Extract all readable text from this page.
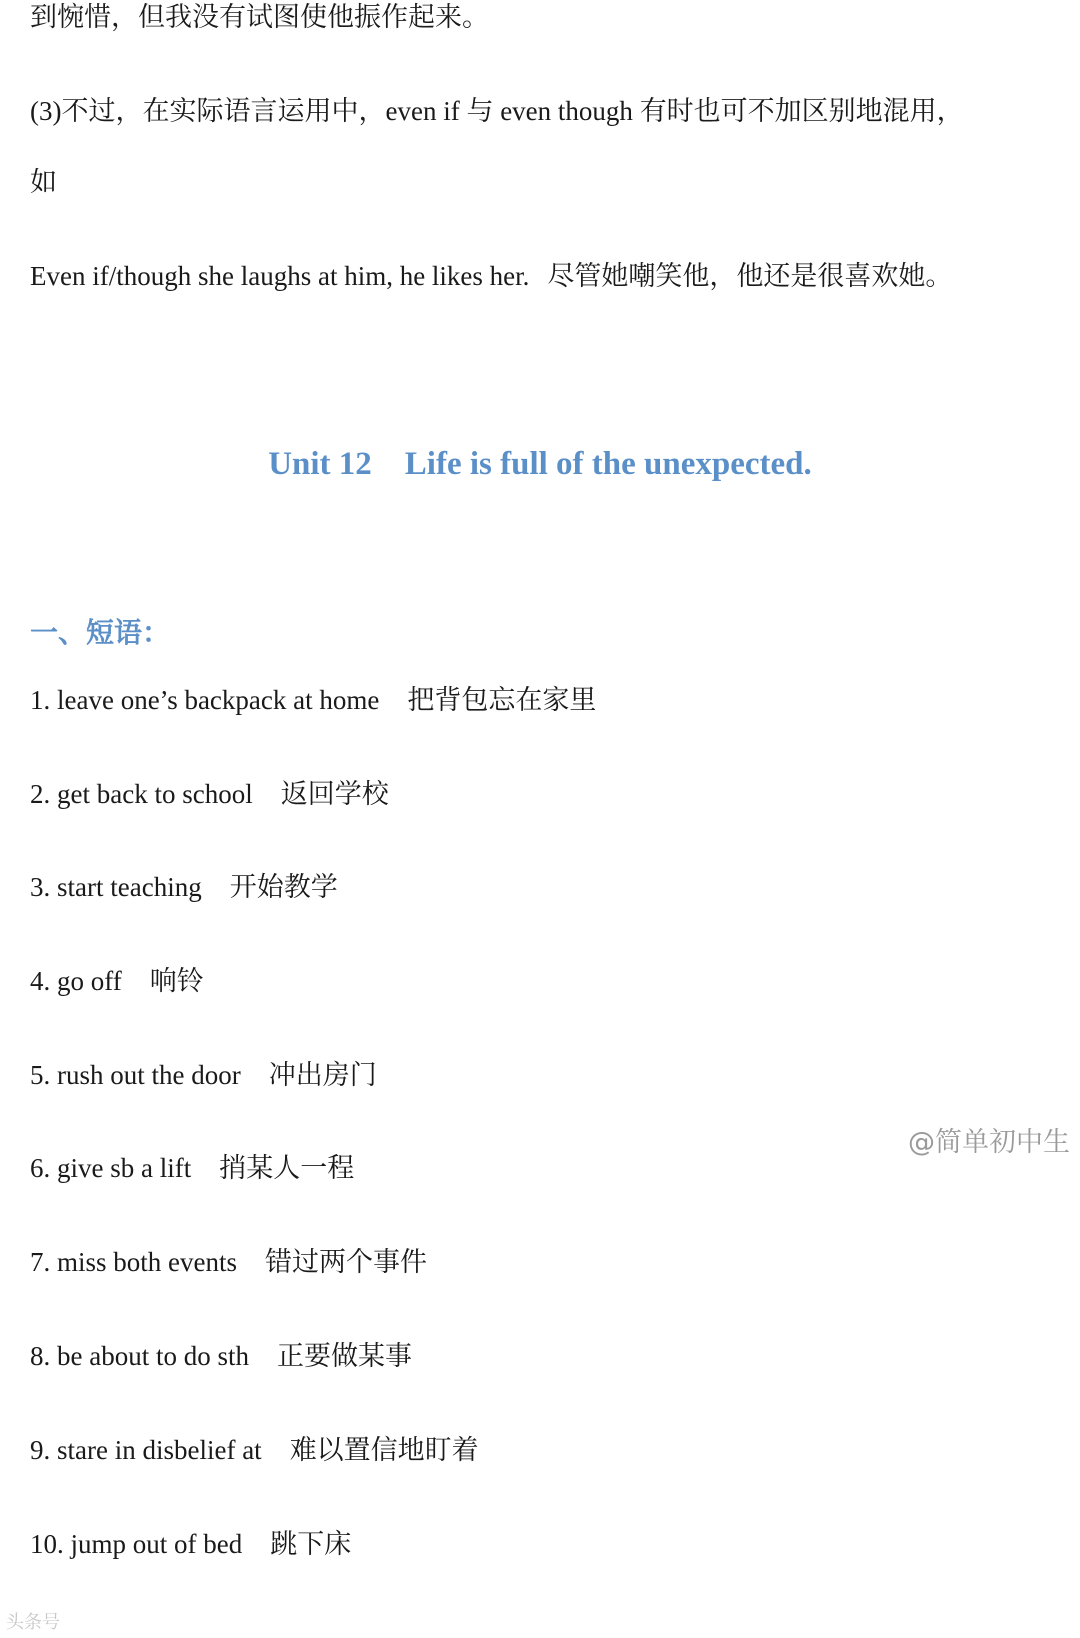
到惋惜，但我没有试图使他振作起来。
(3)不过，在实际语言运用中，even if 与 even though 有时也可不加区别地混用，
如
Even if/though she laughs at him, he likes her. 尽管她嘲笑他，他还是很喜欢她。
Unit 12    Life is full of the unexpected.
一、短语：
1. leave one’s backpack at home 把背包忘在家里
2. get back to school 返回学校
3. start teaching 开始教学
4. go off 响铃
5. rush out the door 冲出房门
6. give sb a lift 捎某人一程
7. miss both events 错过两个事件
8. be about to do sth 正要做某事
9. stare in disbelief at 难以置信地盯着
10. jump out of bed 跳下床
@简单初中生
头条号
